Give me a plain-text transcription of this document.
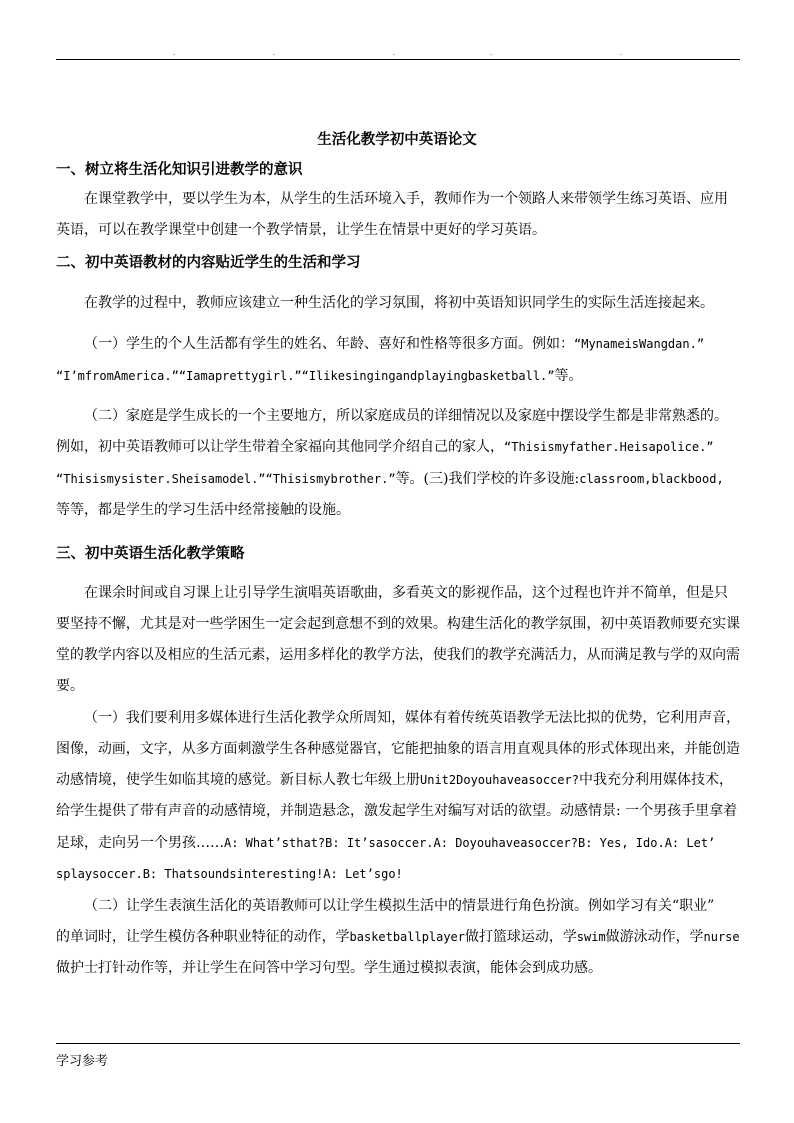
.	.	.	.	.
生活化教学初中英语论文
一、树立将生活化知识引进教学的意识
在课堂教学中，要以学生为本，从学生的生活环境入手，教师作为一个领路人来带领学生练习英语、应用
英语，可以在教学课堂中创建一个教学情景，让学生在情景中更好的学习英语。
二、初中英语教材的内容贴近学生的生活和学习
在教学的过程中，教师应该建立一种生活化的学习氛围，将初中英语知识同学生的实际生活连接起来。
（一）学生的个人生活都有学生的姓名、年龄、喜好和性格等很多方面。例如：“MynameisWangdan.”
“I’mfromAmerica.”“Iamaprettygirl.”“Ilikesingingandplayingbasketball.”等。
（二）家庭是学生成长的一个主要地方，所以家庭成员的详细情况以及家庭中摆设学生都是非常熟悉的。
例如，初中英语教师可以让学生带着全家福向其他同学介绍自己的家人，“Thisismyfather.Heisapolice.”
“Thisismysister.Sheisamodel.”“Thisismybrother.”等。(三)我们学校的许多设施:classroom,blackbood,
等等，都是学生的学习生活中经常接触的设施。
三、初中英语生活化教学策略
在课余时间或自习课上让引导学生演唱英语歌曲，多看英文的影视作品，这个过程也许并不简单，但是只
要坚持不懈，尤其是对一些学困生一定会起到意想不到的效果。构建生活化的教学氛围，初中英语教师要充实课
堂的教学内容以及相应的生活元素，运用多样化的教学方法，使我们的教学充满活力，从而满足教与学的双向需
要。
（一）我们要利用多媒体进行生活化教学众所周知，媒体有着传统英语教学无法比拟的优势，它利用声音，
图像，动画，文字，从多方面刺激学生各种感觉器官，它能把抽象的语言用直观具体的形式体现出来，并能创造
动感情境，使学生如临其境的感觉。新目标人教七年级上册Unit2Doyouhaveasoccer?中我充分利用媒体技术，
给学生提供了带有声音的动感情境，并制造悬念，激发起学生对编写对话的欲望。动感情景: 一个男孩手里拿着
足球，走向另一个男孩……A: What’sthat?B: It’sasoccer.A: Doyouhaveasoccer?B: Yes, Ido.A: Let’
splaysoccer.B: Thatsoundsinteresting!A: Let’sgo!
（二）让学生表演生活化的英语教师可以让学生模拟生活中的情景进行角色扮演。例如学习有关“职业”
的单词时，让学生模仿各种职业特征的动作，学basketballplayer做打篮球运动，学swim做游泳动作，学nurse
做护士打针动作等，并让学生在问答中学习句型。学生通过模拟表演，能体会到成功感。
学习参考
